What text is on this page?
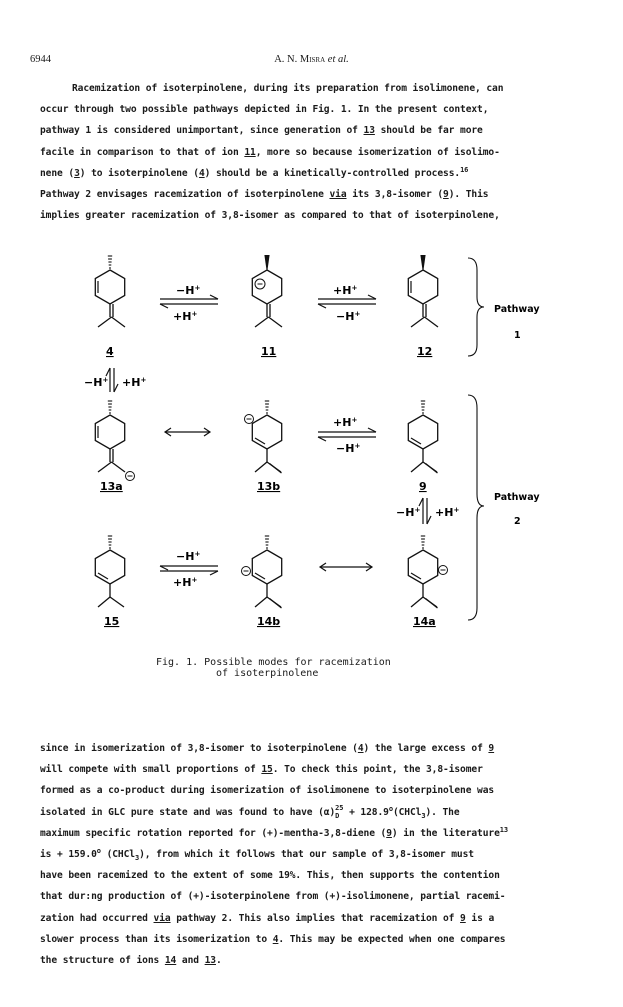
6944	A. N. Misra et al.
Racemization of isoterpinolene, during its preparation from isolimonene, can
occur through two possible pathways depicted in Fig. 1. In the present context,
pathway 1 is considered unimportant, since generation of 13 should be far more
facile in comparison to that of ion 11, more so because isomerization of isolimo-
nene (3) to isoterpinolene (4) should be a kinetically-controlled process.$^{16}$
Pathway 2 envisages racemization of isoterpinolene via its 3,8-isomer (9). This
implies greater racemization of 3,8-isomer as compared to that of isoterpinolene,
−H+
+H+
+H+
−H+
4	11	12
Pathway
1
−H+ +H+
+H+
−H+
13a	13b	9
−H+ +H+
Pathway
2
−H+
+H+
15	14b	14a
Fig. 1. Possible modes for racemization
of isoterpinolene
since in isomerization of 3,8-isomer to isoterpinolene (4) the large excess of 9
will compete with small proportions of 15. To check this point, the 3,8-isomer
formed as a co-product during isomerization of isolimonene to isoterpinolene was
isolated in GLC pure state and was found to have (α) 25
$D + 128.9^o(CHCl_3)$. The
maximum specific rotation reported for (+)-mentha-3,8-diene (9) in the literature$^{13}$
is + $159.0^o$ (CHCl$_3$), from which it follows that our sample of 3,8-isomer must
have been racemized to the extent of some 19%. This, then supports the contention
that dur:ng production of (+)-isoterpinolene from (+)-isolimonene, partial racemi-
zation had occurred via pathway 2. This also implies that racemization of 9 is a
slower process than its isomerization to 4. This may be expected when one compares
the structure of ions 14 and 13.
